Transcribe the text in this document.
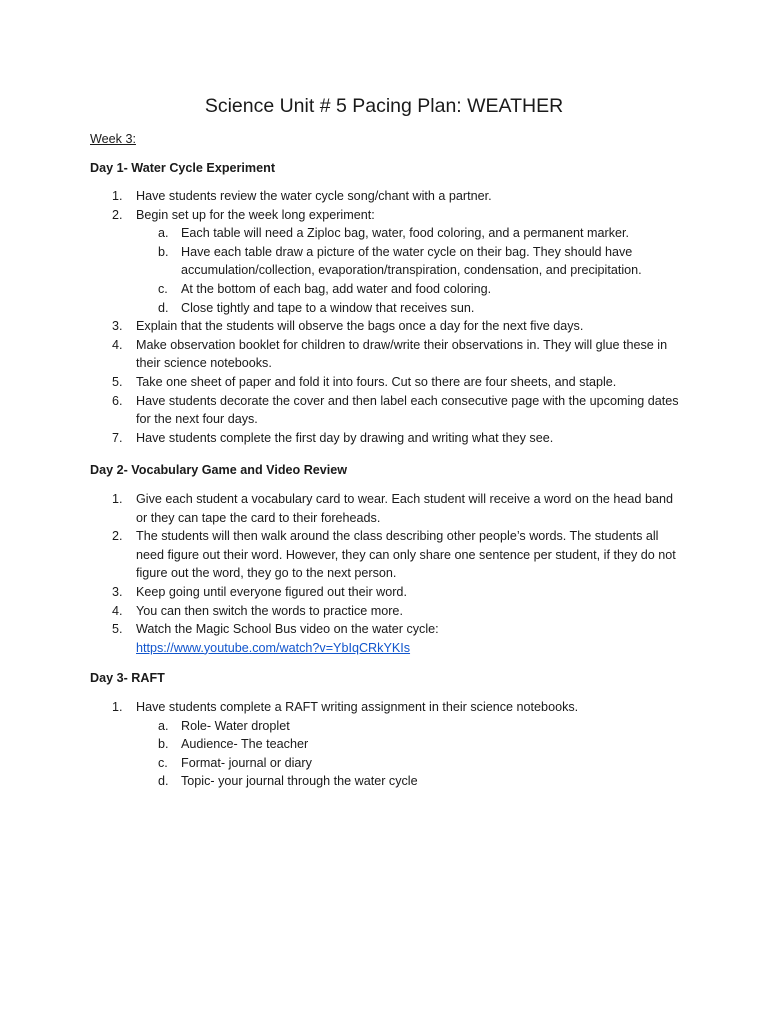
Science Unit # 5 Pacing Plan: WEATHER
Week 3:
Day 1- Water Cycle Experiment
1. Have students review the water cycle song/chant with a partner.
2. Begin set up for the week long experiment:
a. Each table will need a Ziploc bag, water, food coloring, and a permanent marker.
b. Have each table draw a picture of the water cycle on their bag. They should have accumulation/collection, evaporation/transpiration, condensation, and precipitation.
c. At the bottom of each bag, add water and food coloring.
d. Close tightly and tape to a window that receives sun.
3. Explain that the students will observe the bags once a day for the next five days.
4. Make observation booklet for children to draw/write their observations in. They will glue these in their science notebooks.
5. Take one sheet of paper and fold it into fours. Cut so there are four sheets, and staple.
6. Have students decorate the cover and then label each consecutive page with the upcoming dates for the next four days.
7. Have students complete the first day by drawing and writing what they see.
Day 2- Vocabulary Game and Video Review
1. Give each student a vocabulary card to wear. Each student will receive a word on the head band or they can tape the card to their foreheads.
2. The students will then walk around the class describing other people’s words. The students all need figure out their word. However, they can only share one sentence per student, if they do not figure out the word, they go to the next person.
3. Keep going until everyone figured out their word.
4. You can then switch the words to practice more.
5. Watch the Magic School Bus video on the water cycle:
https://www.youtube.com/watch?v=YbIqCRkYKIs
Day 3- RAFT
1. Have students complete a RAFT writing assignment in their science notebooks.
a. Role- Water droplet
b. Audience- The teacher
c. Format- journal or diary
d. Topic- your journal through the water cycle
